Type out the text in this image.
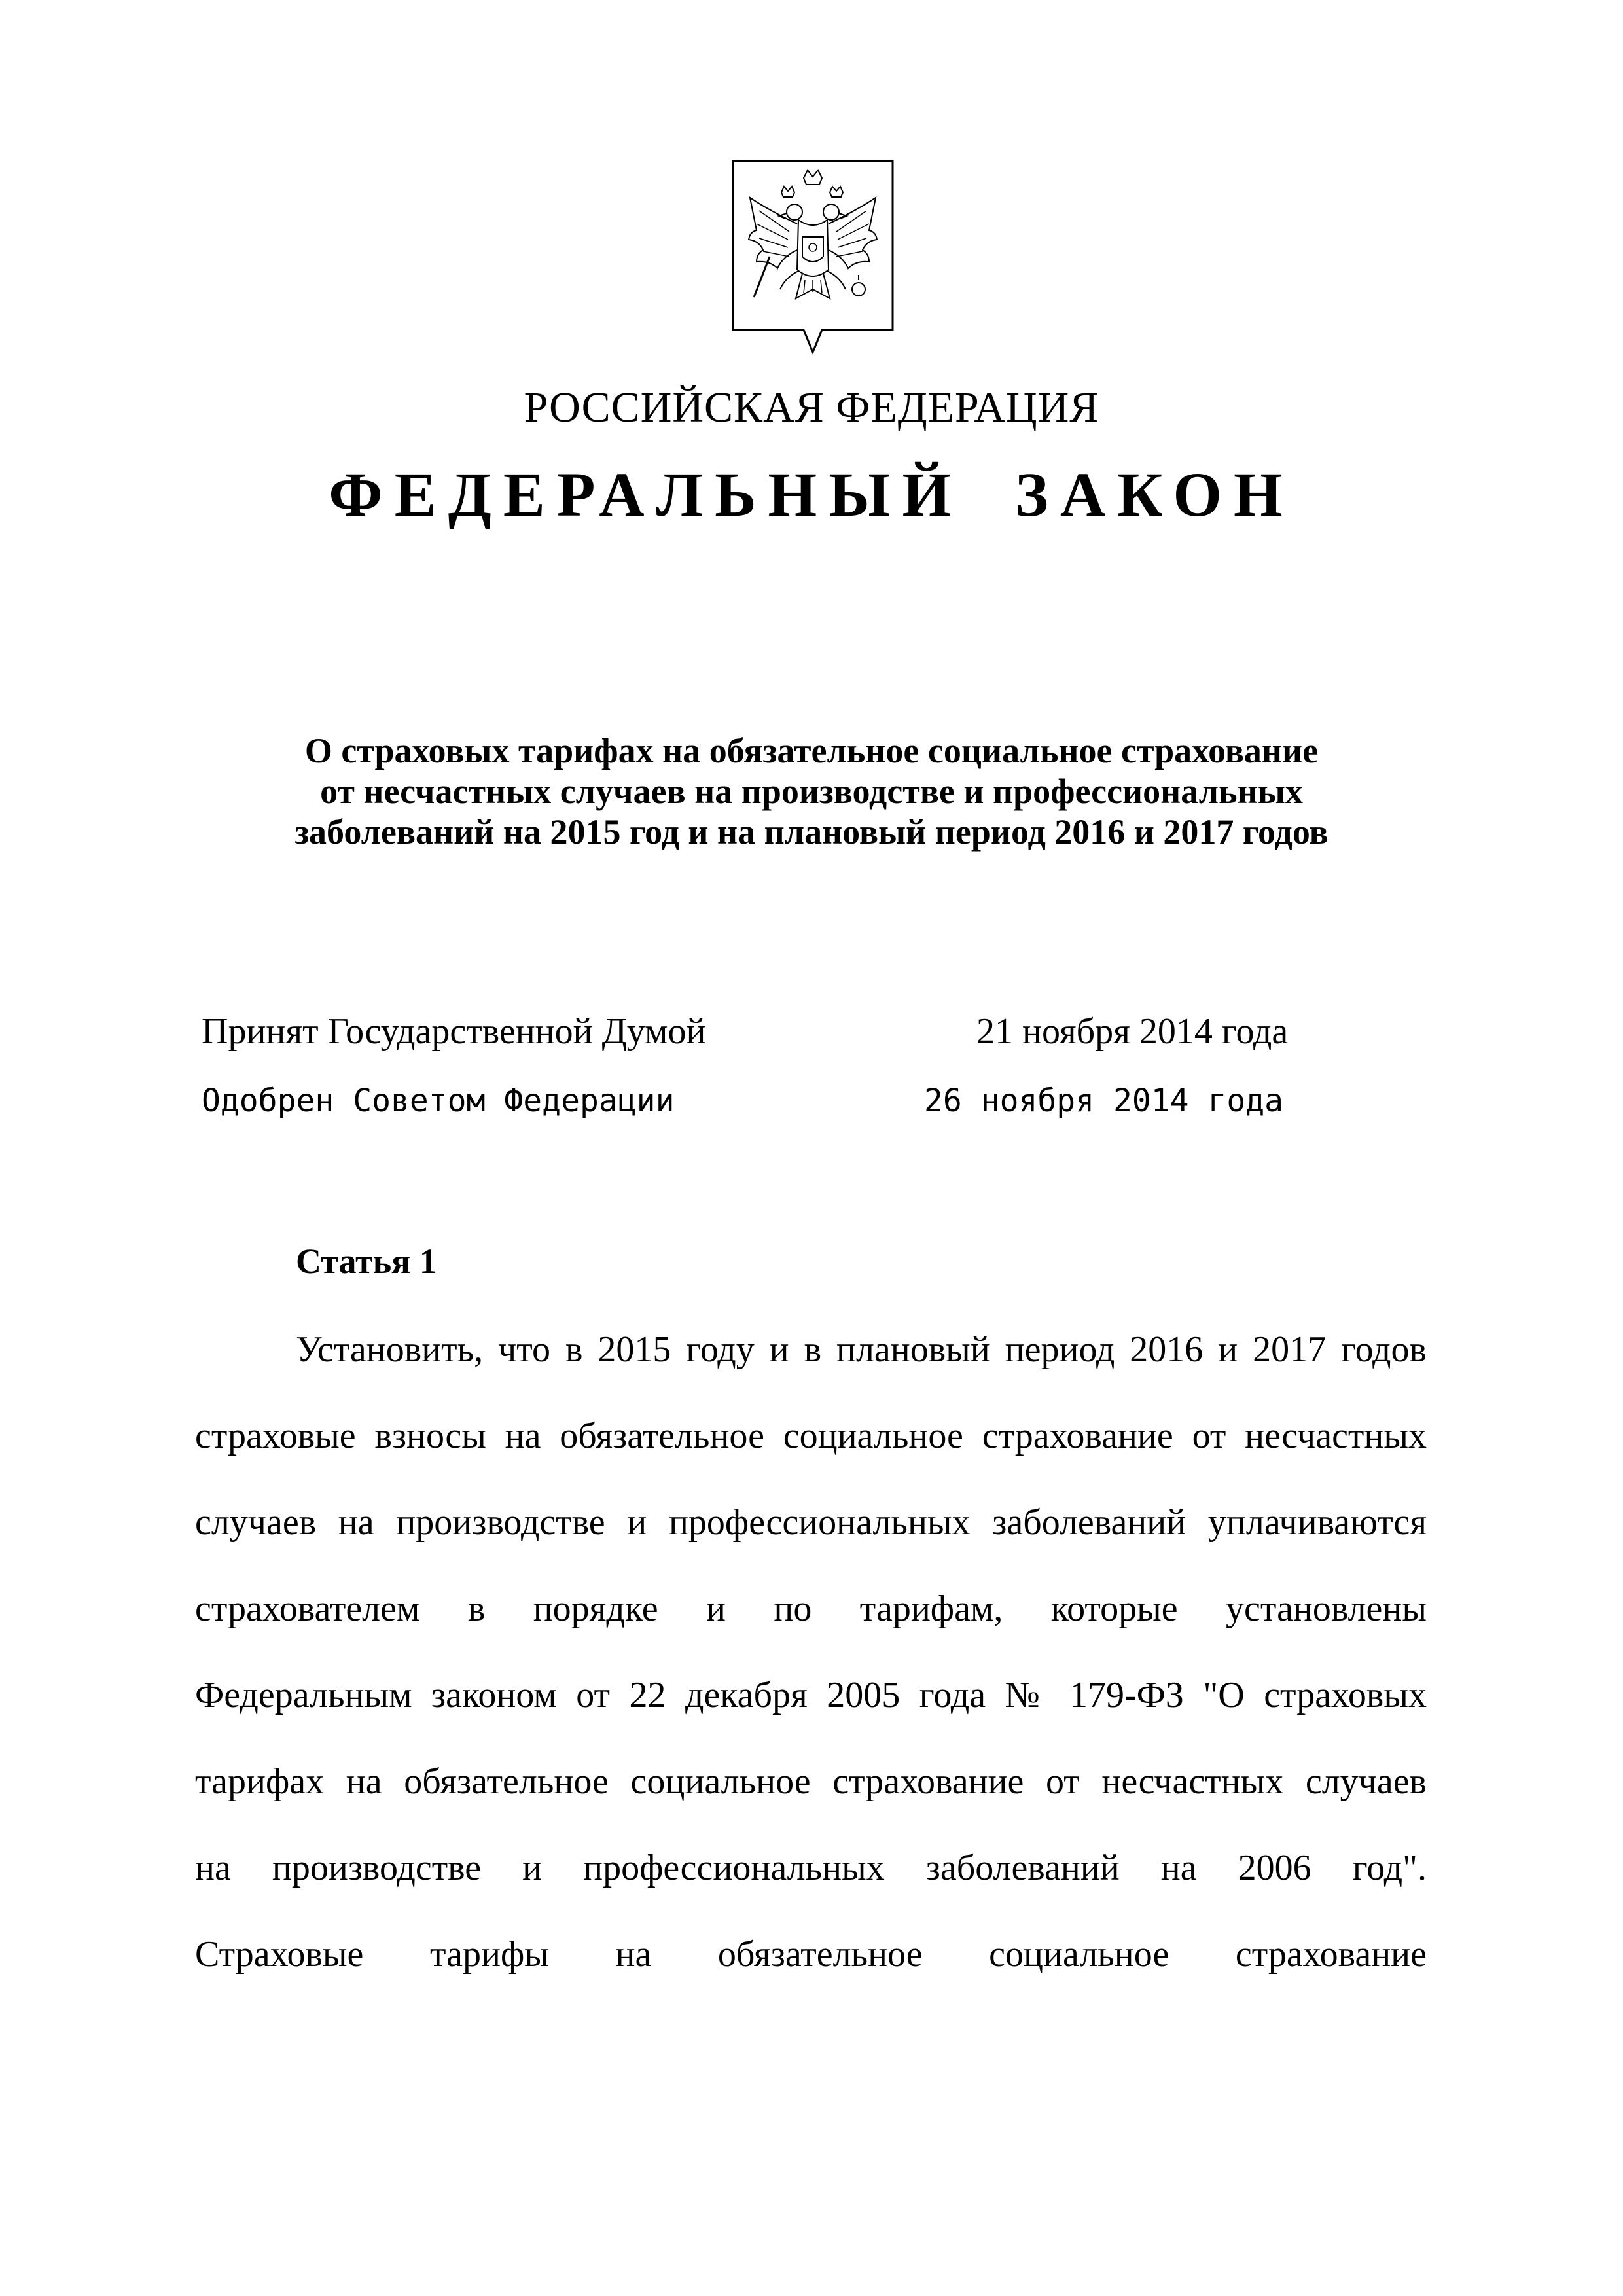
РОССИЙСКАЯ ФЕДЕРАЦИЯ
ФЕДЕРАЛЬНЫЙ ЗАКОН
О страховых тарифах на обязательное социальное страхование
от несчастных случаев на производстве и профессиональных
заболеваний на 2015 год и на плановый период 2016 и 2017 годов
Принят Государственной Думой	21 ноября 2014 года
Одобрен Советом Федерации	26 ноября 2014 года
Статья 1
Установить, что в 2015 году и в плановый период 2016 и 2017 годов
страховые взносы на обязательное социальное страхование от несчастных
случаев на производстве и профессиональных заболеваний уплачиваются
страхователем в порядке и по тарифам, которые установлены
Федеральным законом от 22 декабря 2005 года № 179-ФЗ "О страховых
тарифах на обязательное социальное страхование от несчастных случаев
на производстве и профессиональных заболеваний на 2006 год".
Страховые тарифы на обязательное социальное страхование
